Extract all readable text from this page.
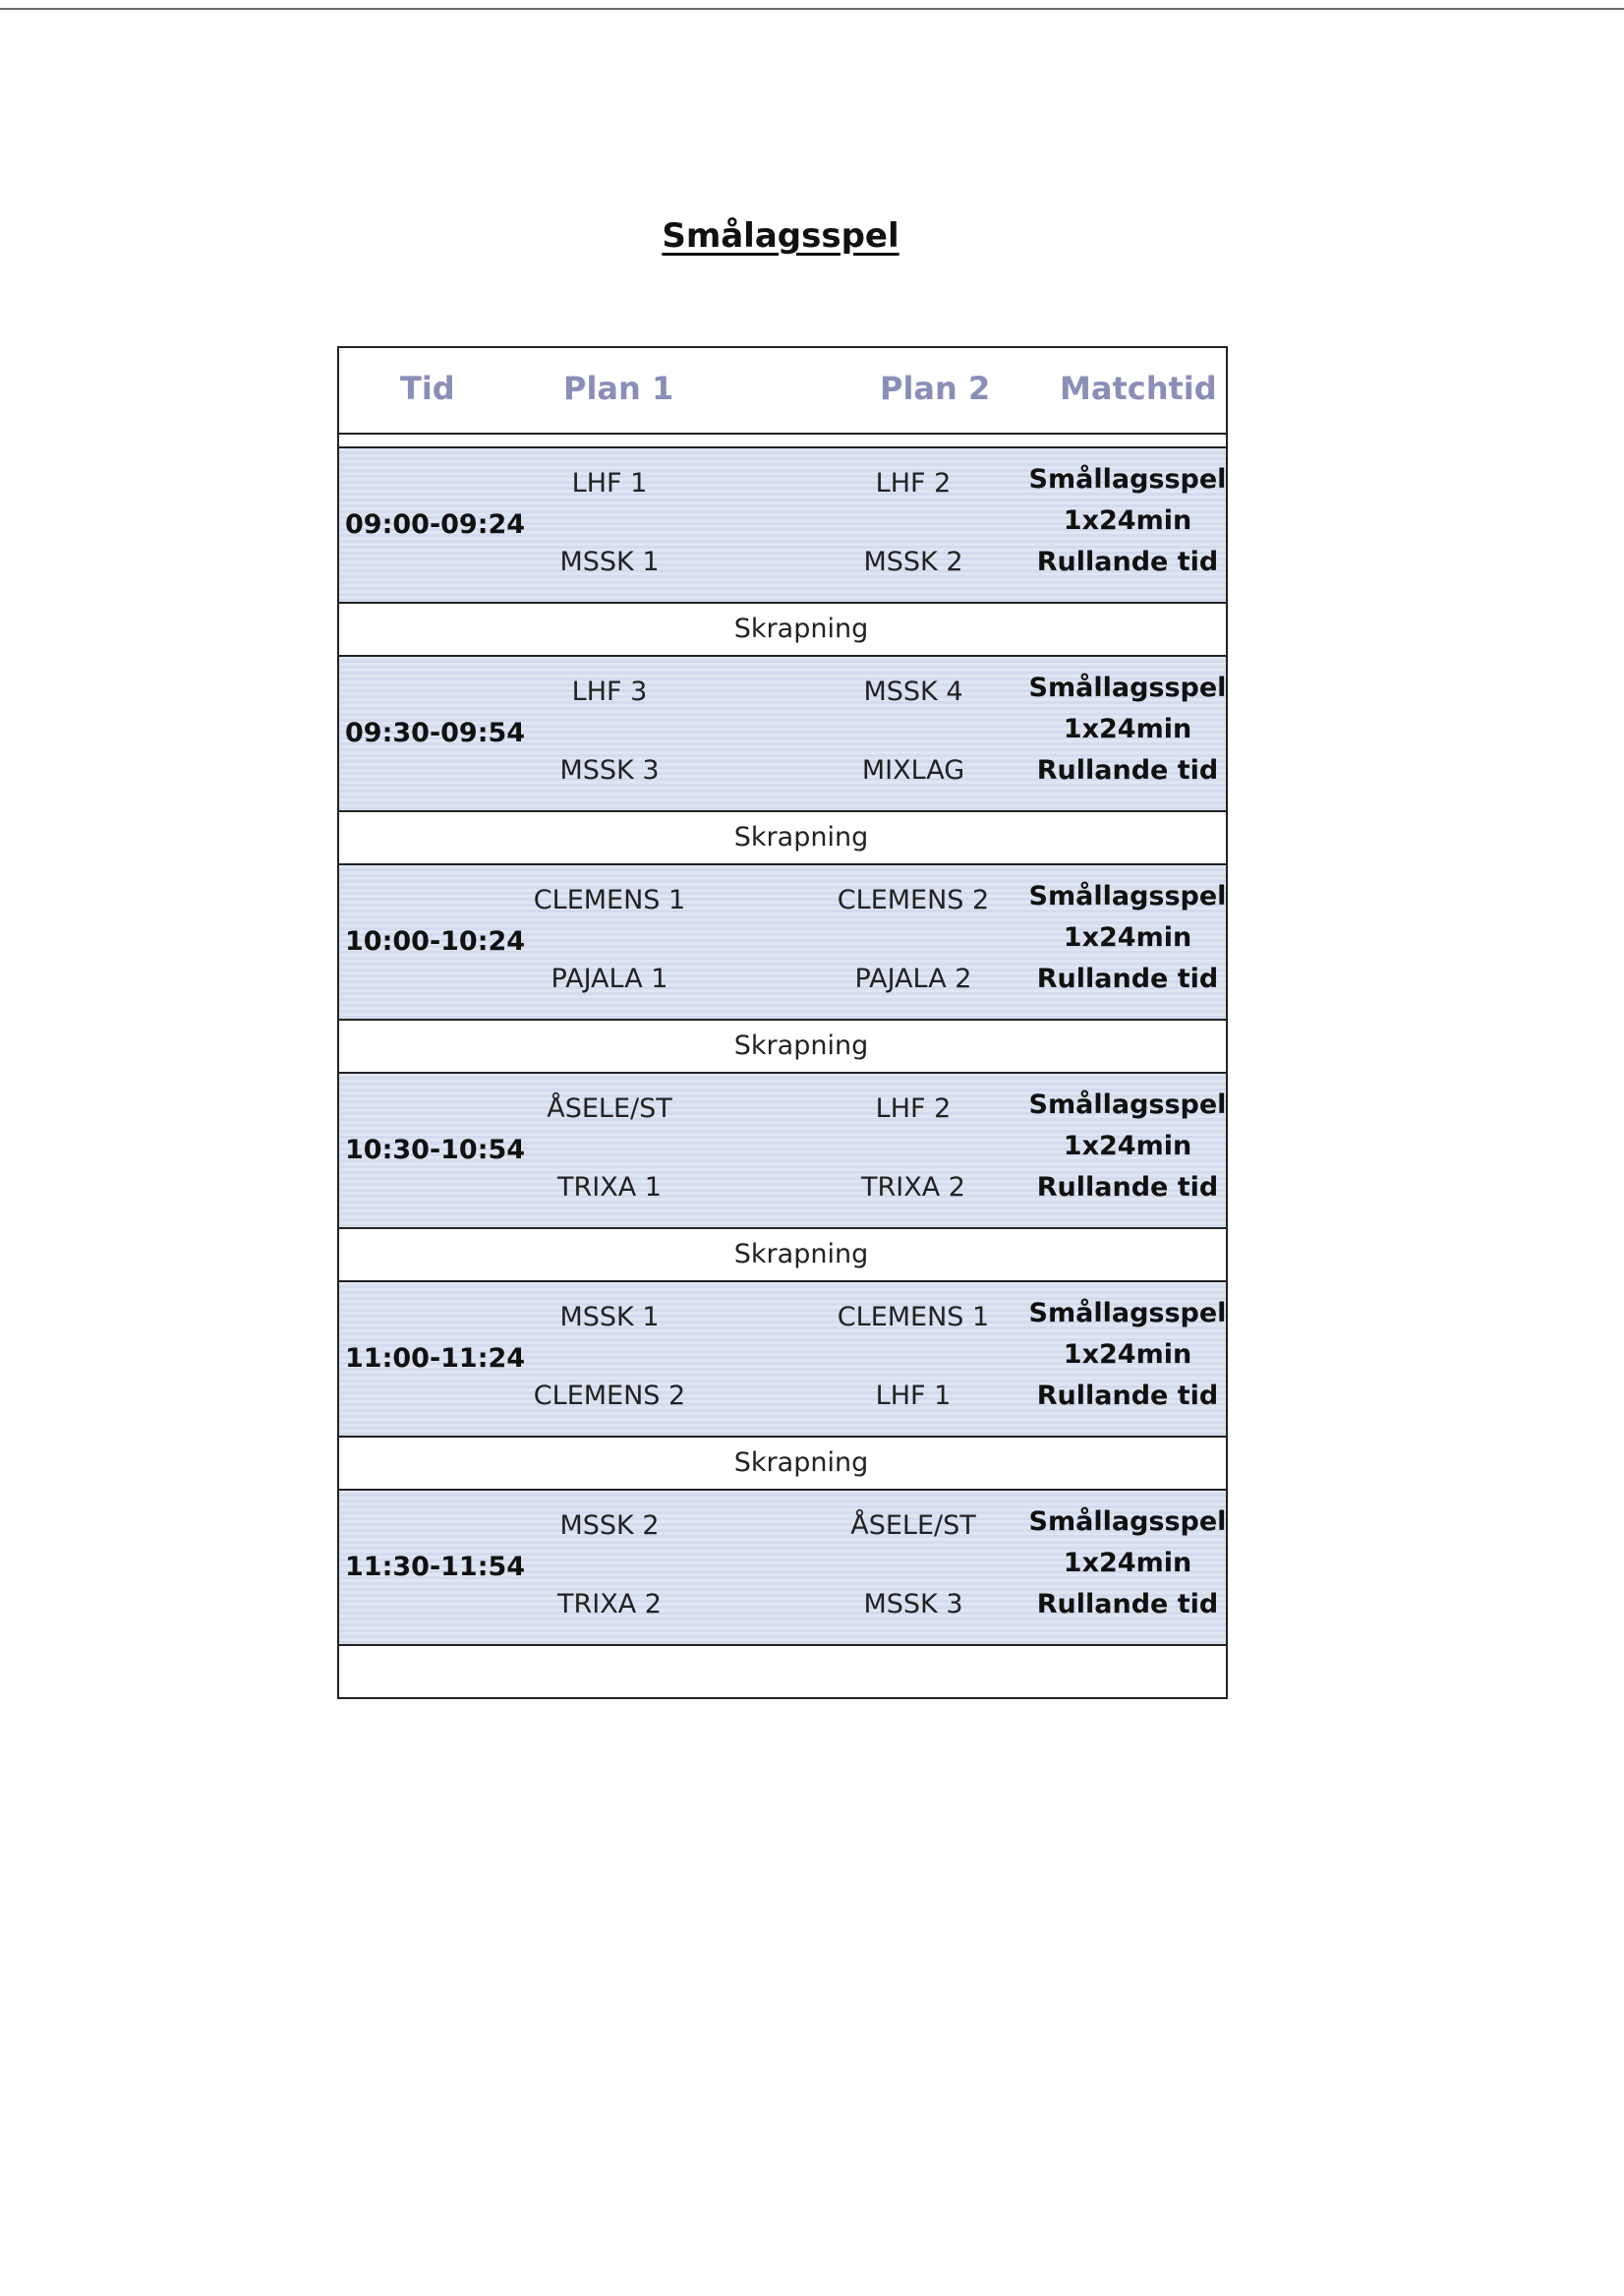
Smålagsspel
Tid	Plan 1	Plan 2 Matchtid
09:00-09:24
LHF 1
MSSK 1
LHF 2
MSSK 2
Smållagsspel
1x24min
Rullande tid
Skrapning
09:30-09:54
LHF 3
MSSK 3
MSSK 4
MIXLAG
Smållagsspel
1x24min
Rullande tid
Skrapning
10:00-10:24
CLEMENS 1
PAJALA 1
CLEMENS 2
PAJALA 2
Smållagsspel
1x24min
Rullande tid
Skrapning
10:30-10:54
ÅSELE/ST
TRIXA 1
LHF 2
TRIXA 2
Smållagsspel
1x24min
Rullande tid
Skrapning
11:00-11:24
MSSK 1
CLEMENS 2
CLEMENS 1
LHF 1
Smållagsspel
1x24min
Rullande tid
Skrapning
11:30-11:54
MSSK 2
TRIXA 2
ÅSELE/ST
MSSK 3
Smållagsspel
1x24min
Rullande tid
